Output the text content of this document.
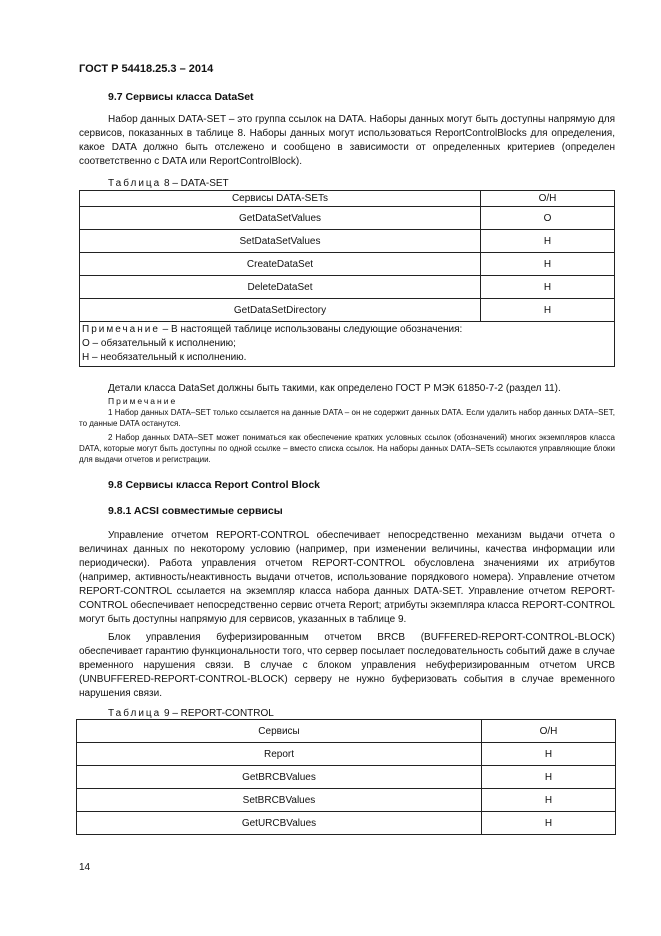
ГОСТ Р 54418.25.3 – 2014
9.7 Сервисы класса DataSet
Набор данных DATA-SET – это группа ссылок на DATA. Наборы данных могут быть доступны напрямую для сервисов, показанных в таблице 8. Наборы данных могут использоваться ReportControlBlocks для определения, какое DATA должно быть отслежено и сообщено в зависимости от определенных критериев (определен соответственно с DATA или ReportControlBlock).
Таблица 8 – DATA-SET
Сервисы DATA-SETs	О/Н
GetDataSetValues	О
SetDataSetValues	Н
CreateDataSet	Н
DeleteDataSet	Н
GetDataSetDirectory	Н

Примечание – В настоящей таблице использованы следующие обозначения:
О – обязательный к исполнению;
Н – необязательный к исполнению.	
Детали класса DataSet должны быть такими, как определено ГОСТ Р МЭК 61850-7-2 (раздел 11).
Примечание
1 Набор данных DATA–SET только ссылается на данные DATA – он не содержит данных DATA. Если удалить набор данных DATA–SET, то данные DATA останутся.
2 Набор данных DATA–SET может пониматься как обеспечение кратких условных ссылок (обозначений) многих экземпляров класса DATA, которые могут быть доступны по одной ссылке – вместо списка ссылок. На наборы данных DATA–SETs ссылаются управляющие блоки для выдачи отчетов и регистрации.
9.8 Сервисы класса Report Control Block
9.8.1 ACSI совместимые сервисы
Управление отчетом REPORT-CONTROL обеспечивает непосредственно механизм выдачи отчета о величинах данных по некоторому условию (например, при изменении величины, качества информации или периодически). Работа управления отчетом REPORT-CONTROL обусловлена значениями их атрибутов (например, активность/неактивность выдачи отчетов, использование порядкового номера). Управление отчетом REPORT-CONTROL ссылается на экземпляр класса набора данных DATA-SET. Управление отчетом REPORT-CONTROL обеспечивает непосредственно сервис отчета Report; атрибуты экземпляра класса REPORT-CONTROL могут быть доступны напрямую для сервисов, указанных в таблице 9.
Блок управления буферизированным отчетом BRCB (BUFFERED-REPORT-CONTROL-BLOCK) обеспечивает гарантию функциональности того, что сервер посылает последовательность событий даже в случае временного нарушения связи. В случае с блоком управления небуферизированным отчетом URCB (UNBUFFERED-REPORT-CONTROL-BLOCK) серверу не нужно буферизовать события в случае временного нарушения связи.
Таблица 9 – REPORT-CONTROL
Сервисы	О/Н
Report	Н
GetBRCBValues	Н
SetBRCBValues	Н
GetURCBValues	Н
14
